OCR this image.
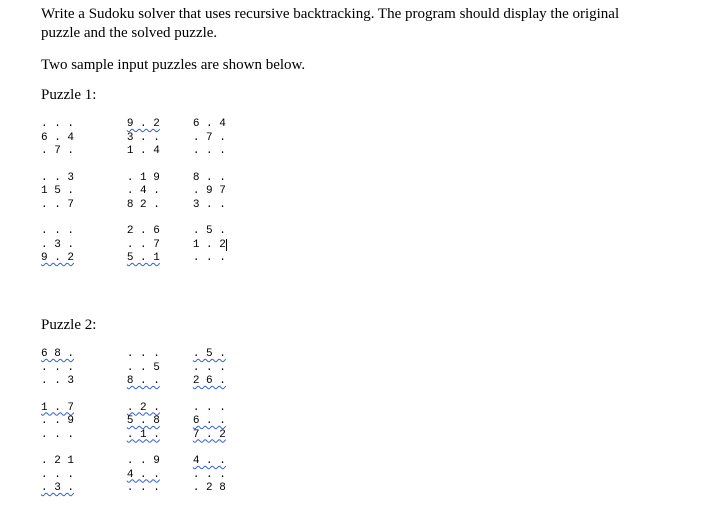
Write a Sudoku solver that uses recursive backtracking. The program should display the original

puzzle and the solved puzzle.

Two sample input puzzles are shown below.

Puzzle 1:

. . .	9 . 2	6 . 4
6 . 4	3 . .	. 7 .
. 7 .	1 . 4	. . .
. . 3	. 1 9	8 . .
1 5 .	. 4 .	. 9 7
. . 7	8 2 .	3 . .
. . .	2 . 6	. 5 .
. 3 .	. . 7	1 . 2
9 . 2	5 . 1	. . .

Puzzle 2:

6 8 .	. . .	. 5 .
. . .	. . 5	. . .
. . 3	8 . .	2 6 .
1 . 7	. 2 .	. . .
. . 9	5 . 8	6 . .
. . .	. 1 .	7 . 2
. 2 1	. . 9	4 . .
. . .	4 . .	. . .
. 3 .	. . .	. 2 8
